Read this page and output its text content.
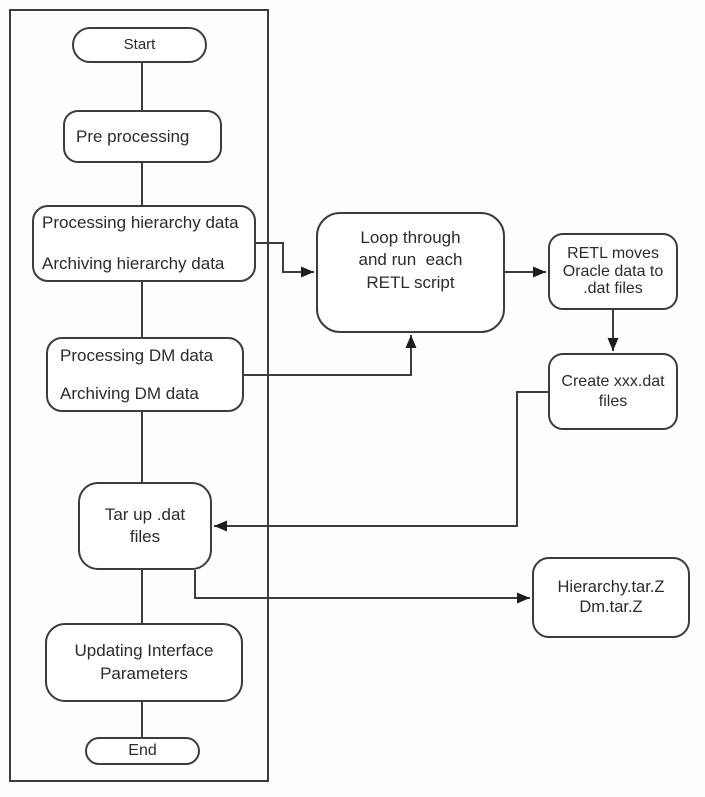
Start
Pre processing
Processing hierarchy data
Archiving hierarchy data
Processing DM data
Archiving DM data
Tar up .dat
files
Updating Interface
Parameters
End
Loop through
and run  each
RETL script
RETL moves
Oracle data to
.dat files
Create xxx.dat
files
Hierarchy.tar.Z
Dm.tar.Z
